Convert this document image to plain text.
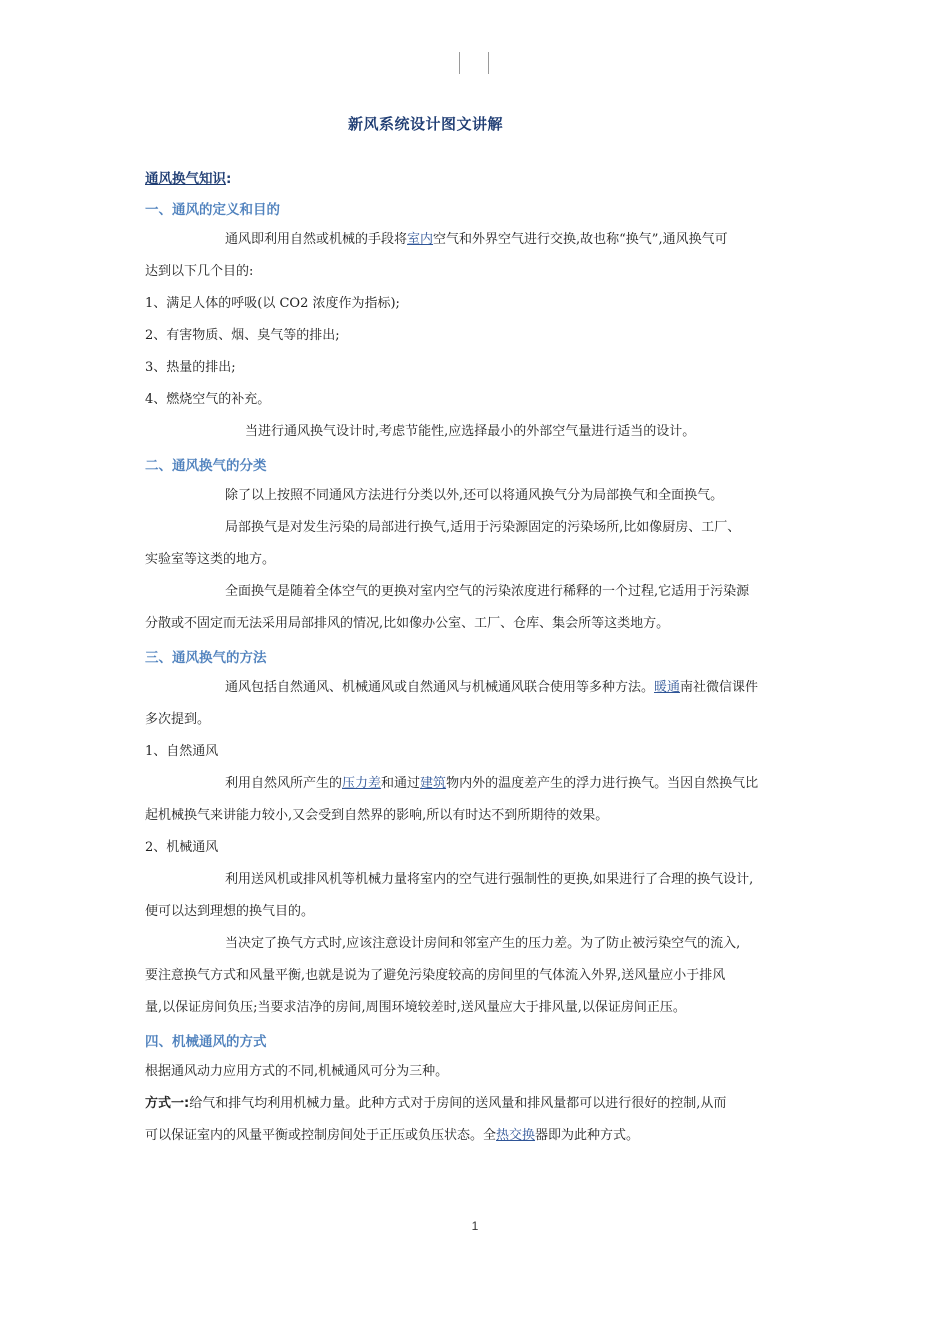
新风系统设计图文讲解
通风换气知识:
一、通风的定义和目的
通风即利用自然或机械的手段将室内空气和外界空气进行交换,故也称“换气”,通风换气可
达到以下几个目的:
1、满足人体的呼吸(以 CO2 浓度作为指标);
2、有害物质、烟、臭气等的排出;
3、热量的排出;
4、燃烧空气的补充。
当进行通风换气设计时,考虑节能性,应选择最小的外部空气量进行适当的设计。
二、通风换气的分类
除了以上按照不同通风方法进行分类以外,还可以将通风换气分为局部换气和全面换气。
局部换气是对发生污染的局部进行换气,适用于污染源固定的污染场所,比如像厨房、工厂、
实验室等这类的地方。
全面换气是随着全体空气的更换对室内空气的污染浓度进行稀释的一个过程,它适用于污染源
分散或不固定而无法采用局部排风的情况,比如像办公室、工厂、仓库、集会所等这类地方。
三、通风换气的方法
通风包括自然通风、机械通风或自然通风与机械通风联合使用等多种方法。暖通南社微信课件
多次提到。
1、自然通风
利用自然风所产生的压力差和通过建筑物内外的温度差产生的浮力进行换气。当因自然换气比
起机械换气来讲能力较小,又会受到自然界的影响,所以有时达不到所期待的效果。
2、机械通风
利用送风机或排风机等机械力量将室内的空气进行强制性的更换,如果进行了合理的换气设计,
便可以达到理想的换气目的。
当决定了换气方式时,应该注意设计房间和邻室产生的压力差。为了防止被污染空气的流入,
要注意换气方式和风量平衡,也就是说为了避免污染度较高的房间里的气体流入外界,送风量应小于排风
量,以保证房间负压;当要求洁净的房间,周围环境较差时,送风量应大于排风量,以保证房间正压。
四、机械通风的方式
根据通风动力应用方式的不同,机械通风可分为三种。
方式一:给气和排气均利用机械力量。此种方式对于房间的送风量和排风量都可以进行很好的控制,从而
可以保证室内的风量平衡或控制房间处于正压或负压状态。全热交换器即为此种方式。
1
